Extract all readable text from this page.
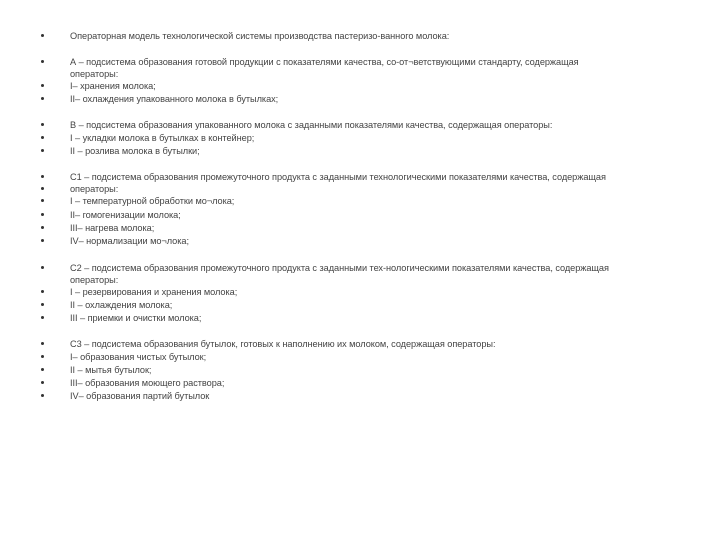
Операторная модель технологической системы производства пастеризо-ванного молока:
А – подсистема образования готовой продукции с показателями качества, со-от¬ветствующими стандарту, содержащая
операторы:
I– хранения молока;
II– охлаждения упакованного молока в бутылках;
В – подсистема образования упакованного молока с заданными показателями качества, содержащая операторы:
I – укладки молока в бутылках в контейнер;
II – розлива молока в бутылки;
С1 – подсистема образования промежуточного продукта с заданными технологическими показателями качества, содержащая
операторы:
I – температурной обработки мо¬лока;
II– гомогенизации молока;
III– нагрева молока;
IV– нормализации мо¬лока;
С2 – подсистема образования промежуточного продукта с заданными тех-нологическими показателями качества, содержащая
операторы:
I – резервирования и хранения молока;
II – охлаждения молока;
III – приемки и очистки молока;
С3 – подсистема образования бутылок, готовых к наполнению их молоком, содержащая операторы:
I– образования чистых бутылок;
II – мытья бутылок;
III– образования моющего раствора;
IV– образования партий бутылок
